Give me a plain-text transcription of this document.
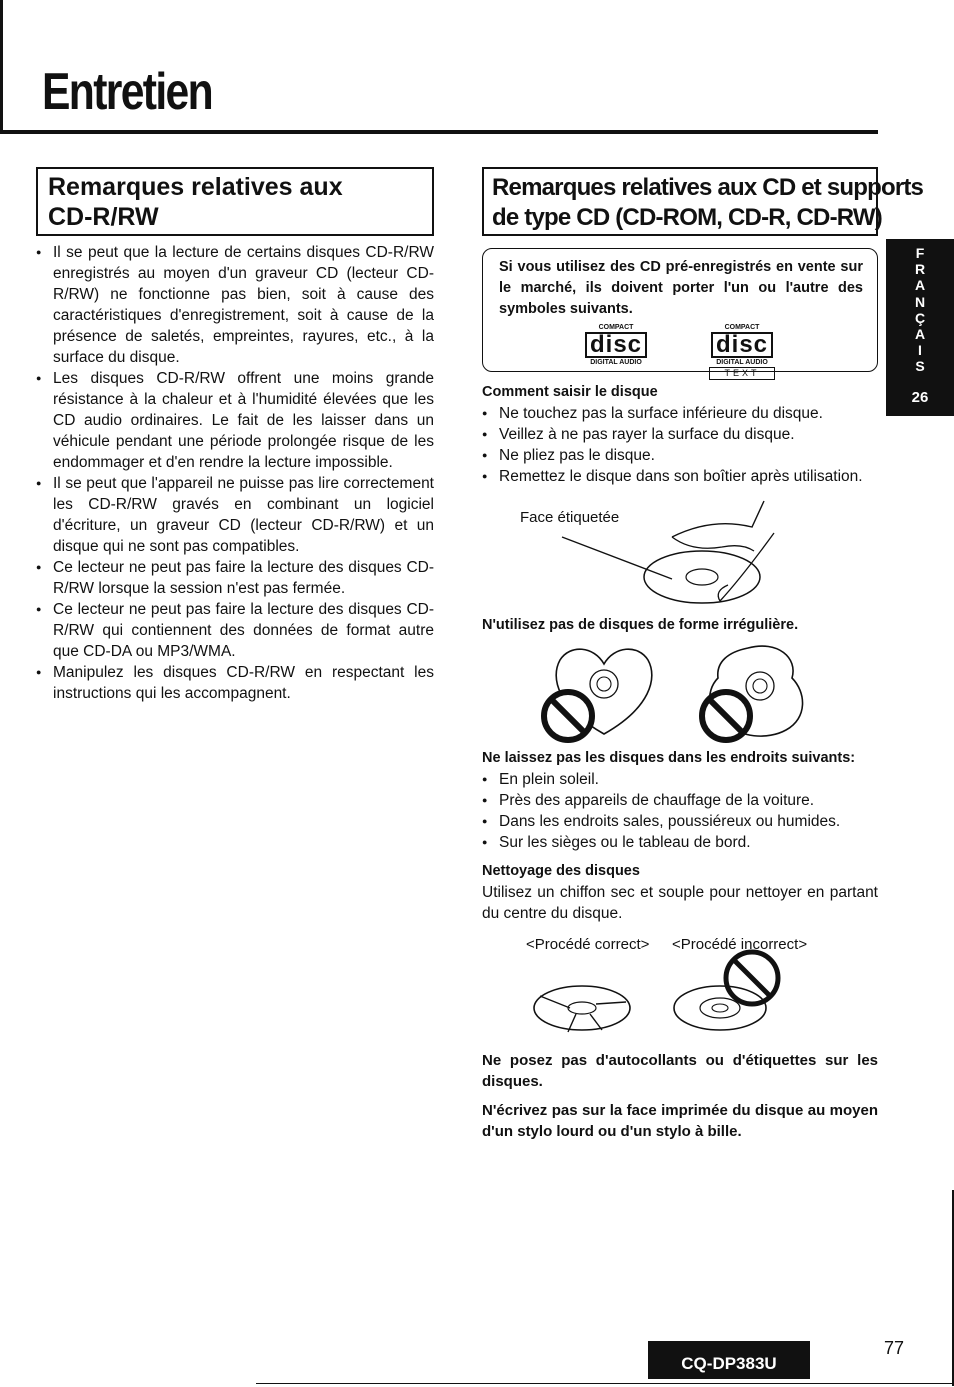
Entretien
Remarques relatives aux
CD-R/RW
● Il se peut que la lecture de certains disques CD-R/RW enregistrés au moyen d'un graveur CD (lecteur CD-R/RW) ne fonctionne pas bien, soit à cause des caractéristiques d'enregistrement, soit à cause de la présence de saletés, empreintes, rayures, etc., à la surface du disque.
● Les disques CD-R/RW offrent une moins grande résistance à la chaleur et à l'humidité élevées que les CD audio ordinaires. Le fait de les laisser dans un véhicule pendant une période prolongée risque de les endommager et d'en rendre la lecture impossible.
● Il se peut que l'appareil ne puisse pas lire correctement les CD-R/RW gravés en combinant un logiciel d'écriture, un graveur CD (lecteur CD-R/RW) et un disque qui ne sont pas compatibles.
● Ce lecteur ne peut pas faire la lecture des disques CD-R/RW lorsque la session n'est pas fermée.
● Ce lecteur ne peut pas faire la lecture des disques CD-R/RW qui contiennent des données de format autre que CD-DA ou MP3/WMA.
● Manipulez les disques CD-R/RW en respectant les instructions qui les accompagnent.
Remarques relatives aux CD et supports
de type CD (CD-ROM, CD-R, CD-RW)
Si vous utilisez des CD pré-enregistrés en vente sur le marché, ils doivent porter l'un ou l'autre des symboles suivants.
COMPACT
disc
DIGITAL AUDIO
COMPACT
disc
DIGITAL AUDIO
TEXT
Comment saisir le disque
● Ne touchez pas la surface inférieure du disque.
● Veillez à ne pas rayer la surface du disque.
● Ne pliez pas le disque.
● Remettez le disque dans son boîtier après utilisation.
Face étiquetée
N'utilisez pas de disques de forme irrégulière.
Ne laissez pas les disques dans les endroits suivants:
● En plein soleil.
● Près des appareils de chauffage de la voiture.
● Dans les endroits sales, poussiéreux ou humides.
● Sur les sièges ou le tableau de bord.
Nettoyage des disques
Utilisez un chiffon sec et souple pour nettoyer en partant du centre du disque.
<Procédé correct> <Procédé incorrect>
Ne posez pas d'autocollants ou d'étiquettes sur les disques.
N'écrivez pas sur la face imprimée du disque au moyen d'un stylo lourd ou d'un stylo à bille.
F
R
A
N
Ç
A
I
S
26
CQ-DP383U
77
